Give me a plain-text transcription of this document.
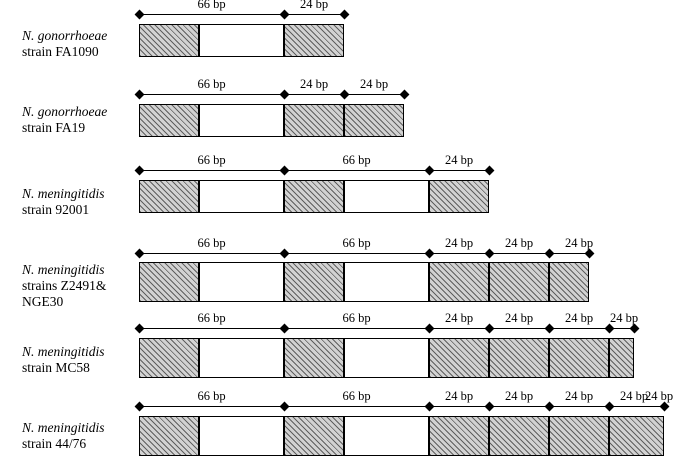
N. gonorrhoeae
strain FA1090
66 bp	24 bp
N. gonorrhoeae
strain FA19
66 bp	24 bp	24 bp
N. meningitidis
strain 92001
66 bp	66 bp	24 bp
N. meningitidis
strains Z2491&
NGE30
66 bp	66 bp	24 bp	24 bp	24 bp
N. meningitidis
strain MC58
66 bp	66 bp	24 bp	24 bp	24 bp	24 bp
N. meningitidis
strain 44/76
66 bp	66 bp	24 bp	24 bp	24 bp	24 bp
24 bp
